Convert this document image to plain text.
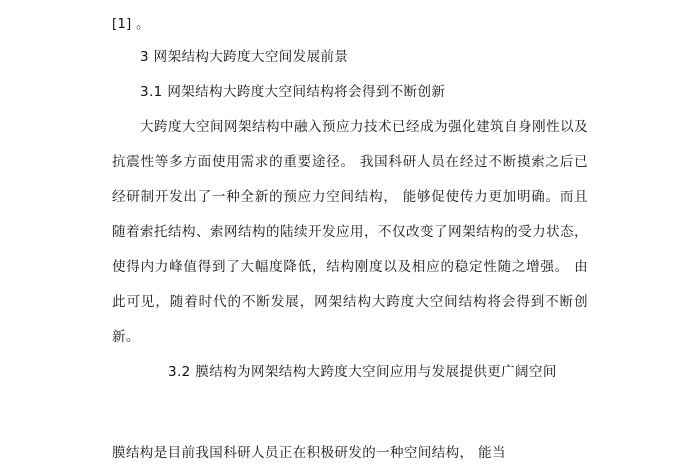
[1] 。

3 网架结构大跨度大空间发展前景

3.1 网架结构大跨度大空间结构将会得到不断创新

大跨度大空间网架结构中融入预应力技术已经成为强化建筑自身刚性以及抗震性等多方面使用需求的重要途径。 我国科研人员在经过不断摸索之后已经研制开发出了一种全新的预应力空间结构， 能够促使传力更加明确。而且随着索托结构、索网结构的陆续开发应用，不仅改变了网架结构的受力状态，使得内力峰值得到了大幅度降低，结构刚度以及相应的稳定性随之增强。 由此可见，随着时代的不断发展，网架结构大跨度大空间结构将会得到不断创新。

3.2 膜结构为网架结构大跨度大空间应用与发展提供更广阔空间

膜结构是目前我国科研人员正在积极研发的一种空间结构， 能当
